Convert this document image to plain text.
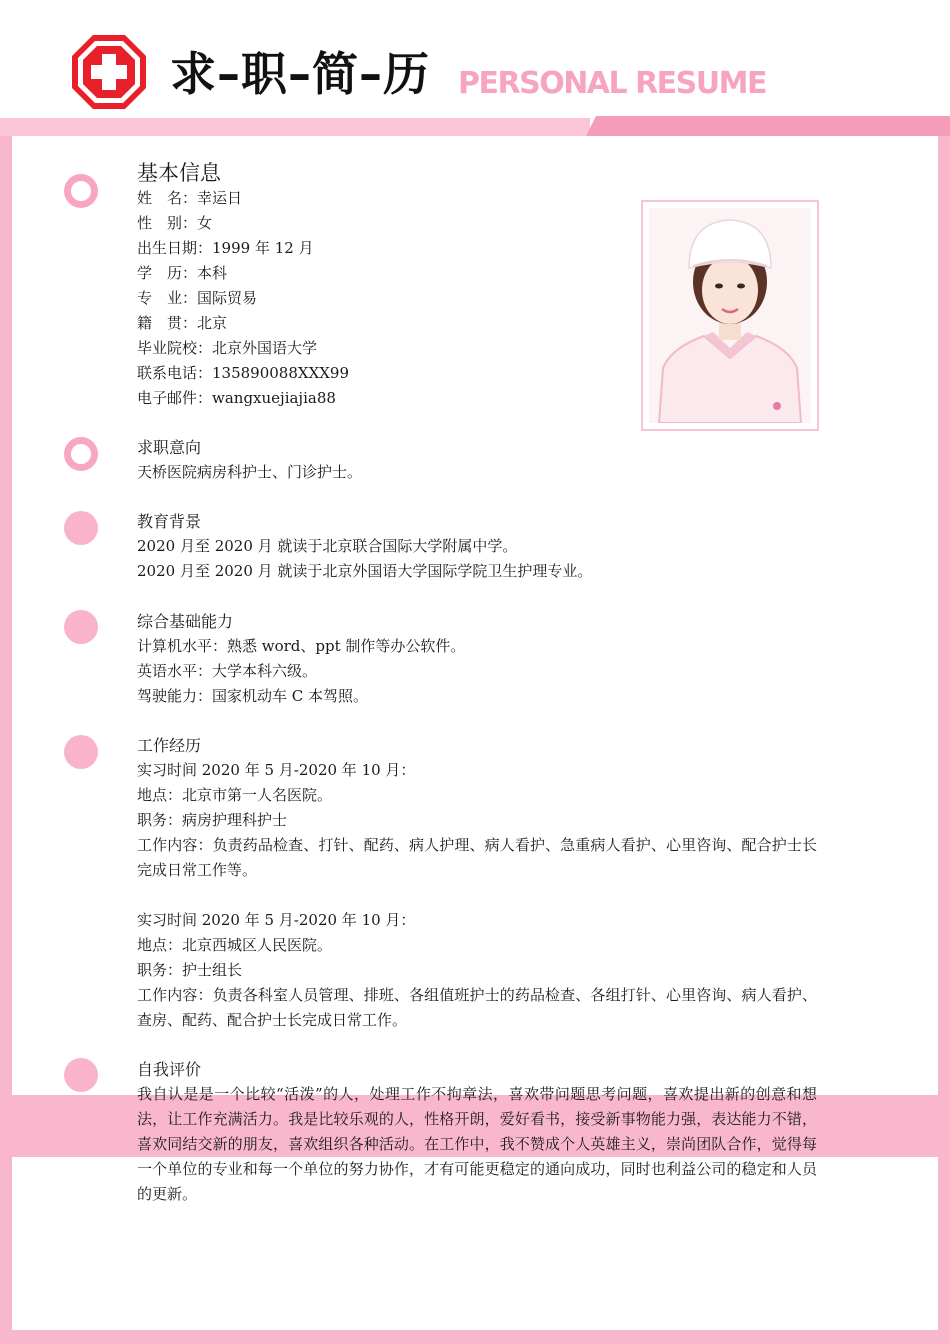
求–职–简–历 PERSONAL RESUME
基本信息
姓　名：幸运日
性　别：女
出生日期：1999 年 12 月
学　历：本科
专　业：国际贸易
籍　贯：北京
毕业院校：北京外国语大学
联系电话：135890088XXX99
电子邮件：wangxuejiajia88
求职意向
天桥医院病房科护士、门诊护士。
教育背景
2020 月至 2020 月 就读于北京联合国际大学附属中学。
2020 月至 2020 月 就读于北京外国语大学国际学院卫生护理专业。
综合基础能力
计算机水平：熟悉 word、ppt 制作等办公软件。
英语水平：大学本科六级。
驾驶能力：国家机动车 C 本驾照。
工作经历
实习时间 2020 年 5 月-2020 年 10 月：
地点：北京市第一人名医院。
职务：病房护理科护士
工作内容：负责药品检查、打针、配药、病人护理、病人看护、急重病人看护、心里咨询、配合护士长完成日常工作等。
实习时间 2020 年 5 月-2020 年 10 月：
地点：北京西城区人民医院。
职务：护士组长
工作内容：负责各科室人员管理、排班、各组值班护士的药品检查、各组打针、心里咨询、病人看护、查房、配药、配合护士长完成日常工作。
自我评价
我自认是是一个比较“活泼”的人，处理工作不拘章法，喜欢带问题思考问题，喜欢提出新的创意和想法，让工作充满活力。我是比较乐观的人，性格开朗，爱好看书，接受新事物能力强，表达能力不错，喜欢同结交新的朋友，喜欢组织各种活动。在工作中，我不赞成个人英雄主义，崇尚团队合作，觉得每一个单位的专业和每一个单位的努力协作，才有可能更稳定的通向成功，同时也利益公司的稳定和人员的更新。
